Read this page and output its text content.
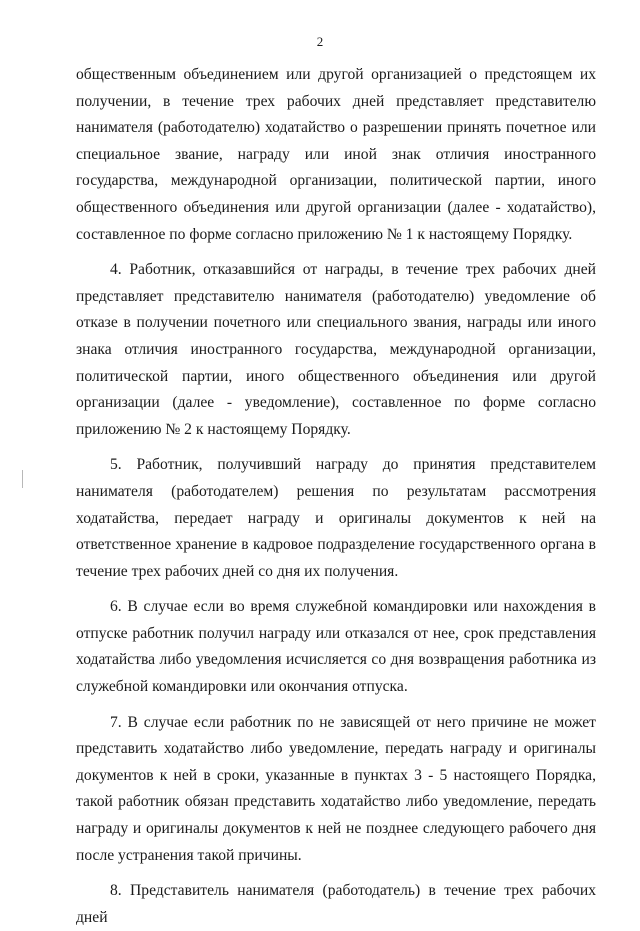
2

общественным объединением или другой организацией о предстоящем их получении, в течение трех рабочих дней представляет представителю нанимателя (работодателю) ходатайство о разрешении принять почетное или специальное звание, награду или иной знак отличия иностранного государства, международной организации, политической партии, иного общественного объединения или другой организации (далее - ходатайство), составленное по форме согласно приложению № 1 к настоящему Порядку.

4. Работник, отказавшийся от награды, в течение трех рабочих дней представляет представителю нанимателя (работодателю) уведомление об отказе в получении почетного или специального звания, награды или иного знака отличия иностранного государства, международной организации, политической партии, иного общественного объединения или другой организации (далее - уведомление), составленное по форме согласно приложению № 2 к настоящему Порядку.

5. Работник, получивший награду до принятия представителем нанимателя (работодателем) решения по результатам рассмотрения ходатайства, передает награду и оригиналы документов к ней на ответственное хранение в кадровое подразделение государственного органа в течение трех рабочих дней со дня их получения.

6. В случае если во время служебной командировки или нахождения в отпуске работник получил награду или отказался от нее, срок представления ходатайства либо уведомления исчисляется со дня возвращения работника из служебной командировки или окончания отпуска.

7. В случае если работник по не зависящей от него причине не может представить ходатайство либо уведомление, передать награду и оригиналы документов к ней в сроки, указанные в пунктах 3 - 5 настоящего Порядка, такой работник обязан представить ходатайство либо уведомление, передать награду и оригиналы документов к ней не позднее следующего рабочего дня после устранения такой причины.

8. Представитель нанимателя (работодатель) в течение трех рабочих дней
